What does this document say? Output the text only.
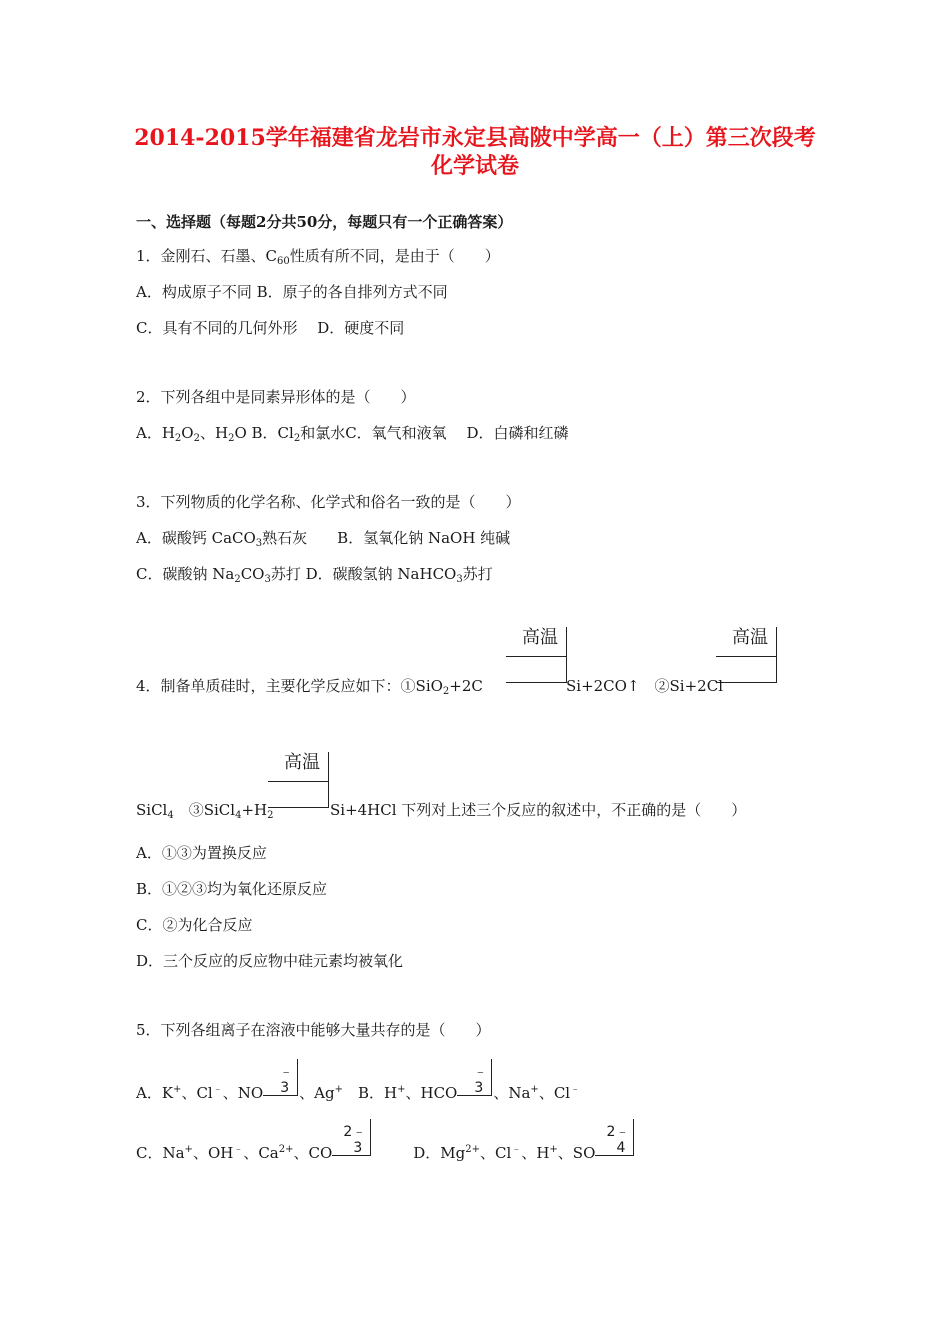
2014-2015学年福建省龙岩市永定县高陂中学高一（上）第三次段考
化学试卷
一、选择题（每题2分共50分，每题只有一个正确答案）
1．金刚石、石墨、$C_{60}$性质有所不同，是由于（　　）
A．构成原子不同 B．原子的各自排列方式不同
C．具有不同的几何外形　 D．硬度不同
2．下列各组中是同素异形体的是（　　）
A．$H_2O_2$、$H_2O$ B．$Cl_2$和氯水C．氧气和液氧　 D．白磷和红磷
3．下列物质的化学名称、化学式和俗名一致的是（　　）
A．碳酸钙 CaCO$_3$熟石灰　　B．氢氧化钠 NaOH 纯碱
C．碳酸钠 $Na_2CO_3$苏打 D．碳酸氢钠 NaHCO$_3$苏打
高温	高温
4．制备单质硅时，主要化学反应如下：①SiO$_2$+2C	Si+2CO↑　②Si+2Cl
高温
SiCl$_4$　$③SiCl_4+H_2$	Si+4HCl 下列对上述三个反应的叙述中，不正确的是（　　）
A．①③为置换反应
B．①②③均为氧化还原反应
C．②为化合反应
D．三个反应的反应物中硅元素均被氧化
5．下列各组离子在溶液中能够大量共存的是（　　）
A．K+、Cl﹣、NO
﹣
3 、Ag+　B．H+、HCO
﹣
3 、Na+、Cl﹣
C．Na+、OH﹣、$Ca^{2+}$、CO
2﹣
3 　D．$Mg^{2+}$、Cl﹣、H+、SO
2﹣
4
